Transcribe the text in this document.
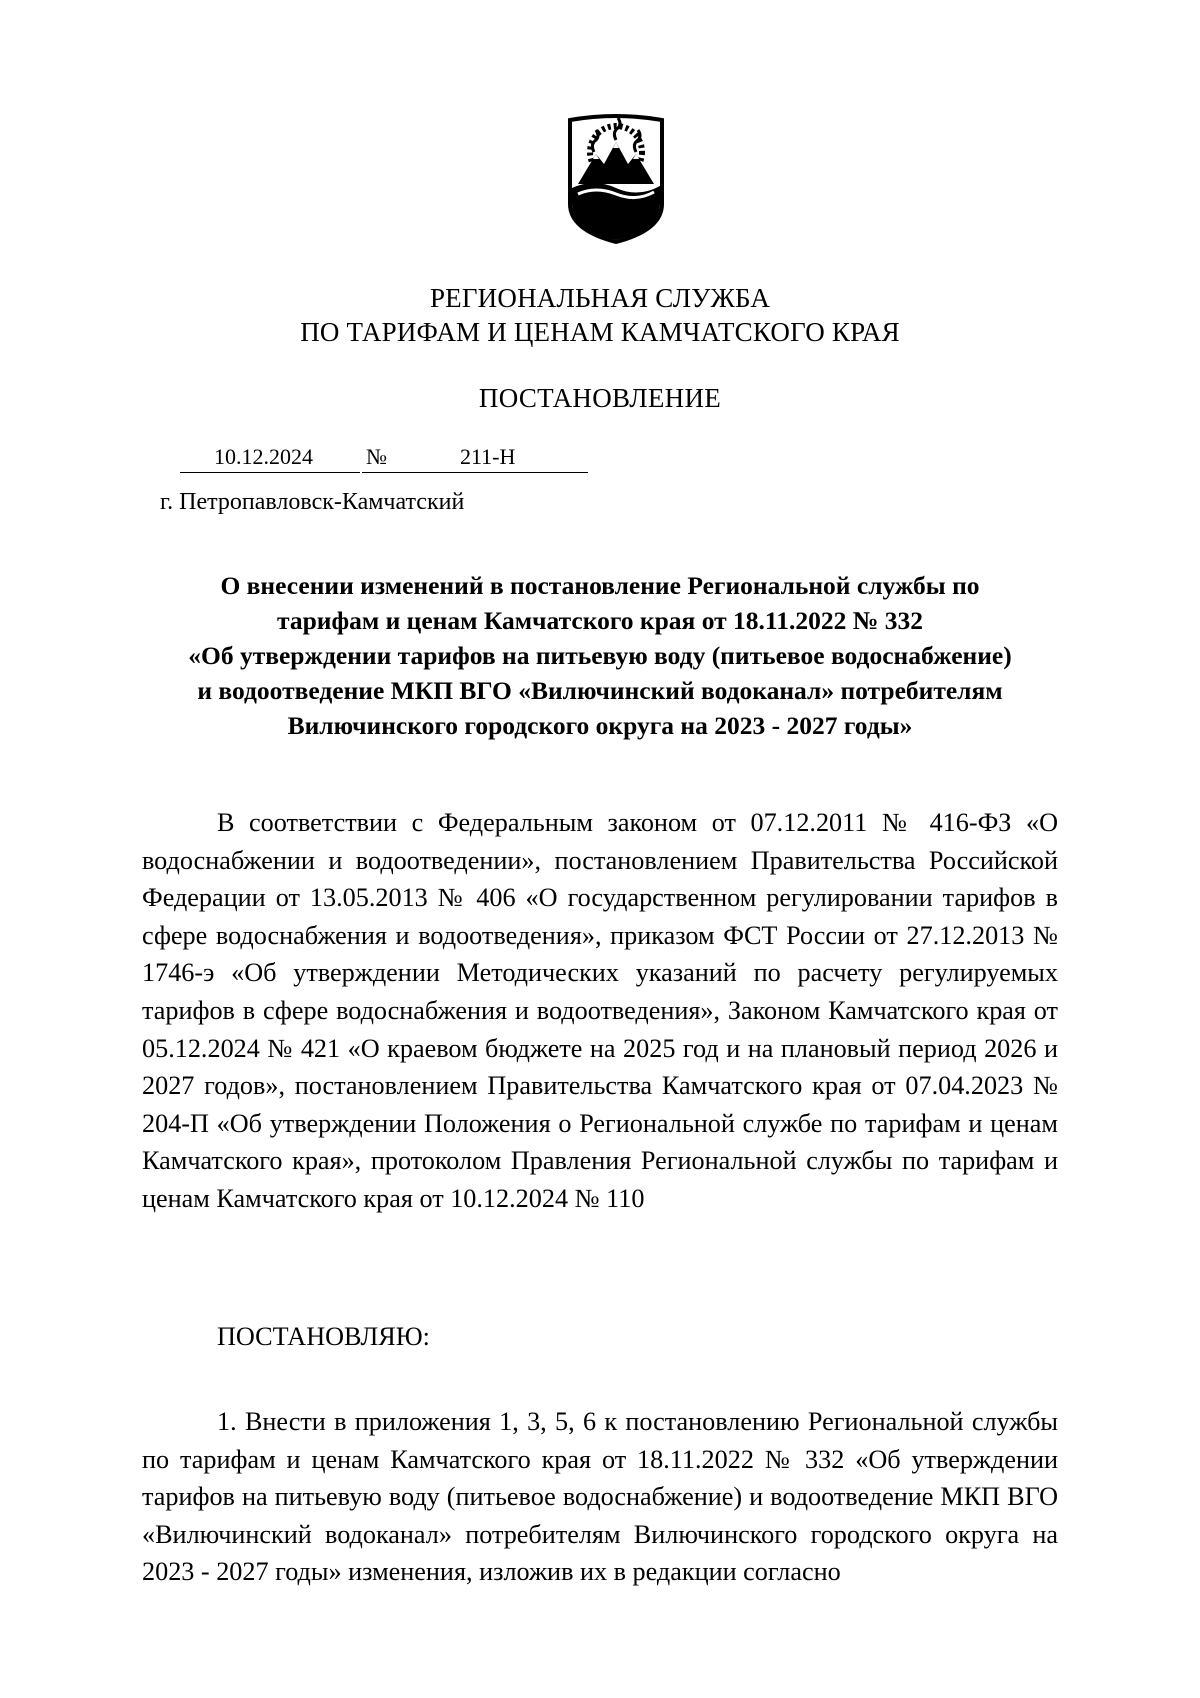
РЕГИОНАЛЬНАЯ СЛУЖБА
ПО ТАРИФАМ И ЦЕНАМ КАМЧАТСКОГО КРАЯ
ПОСТАНОВЛЕНИЕ
10.12.2024 №	211-Н
г. Петропавловск-Камчатский
О внесении изменений в постановление Региональной службы по
тарифам и ценам Камчатского края от 18.11.2022 № 332
«Об утверждении тарифов на питьевую воду (питьевое водоснабжение)
и водоотведение МКП ВГО «Вилючинский водоканал» потребителям
Вилючинского городского округа на 2023 - 2027 годы»
В соответствии с Федеральным законом от 07.12.2011 № 416-ФЗ «О водоснабжении и водоотведении», постановлением Правительства Российской Федерации от 13.05.2013 № 406 «О государственном регулировании тарифов в сфере водоснабжения и водоотведения», приказом ФСТ России от 27.12.2013 № 1746-э «Об утверждении Методических указаний по расчету регулируемых тарифов в сфере водоснабжения и водоотведения», Законом Камчатского края от 05.12.2024 № 421 «О краевом бюджете на 2025 год и на плановый период 2026 и 2027 годов», постановлением Правительства Камчатского края от 07.04.2023 № 204-П «Об утверждении Положения о Региональной службе по тарифам и ценам Камчатского края», протоколом Правления Региональной службы по тарифам и ценам Камчатского края от 10.12.2024 № 110
ПОСТАНОВЛЯЮ:
1. Внести в приложения 1, 3, 5, 6 к постановлению Региональной службы по тарифам и ценам Камчатского края от 18.11.2022 № 332 «Об утверждении тарифов на питьевую воду (питьевое водоснабжение) и водоотведение МКП ВГО «Вилючинский водоканал» потребителям Вилючинского городского округа на 2023 - 2027 годы» изменения, изложив их в редакции согласно
